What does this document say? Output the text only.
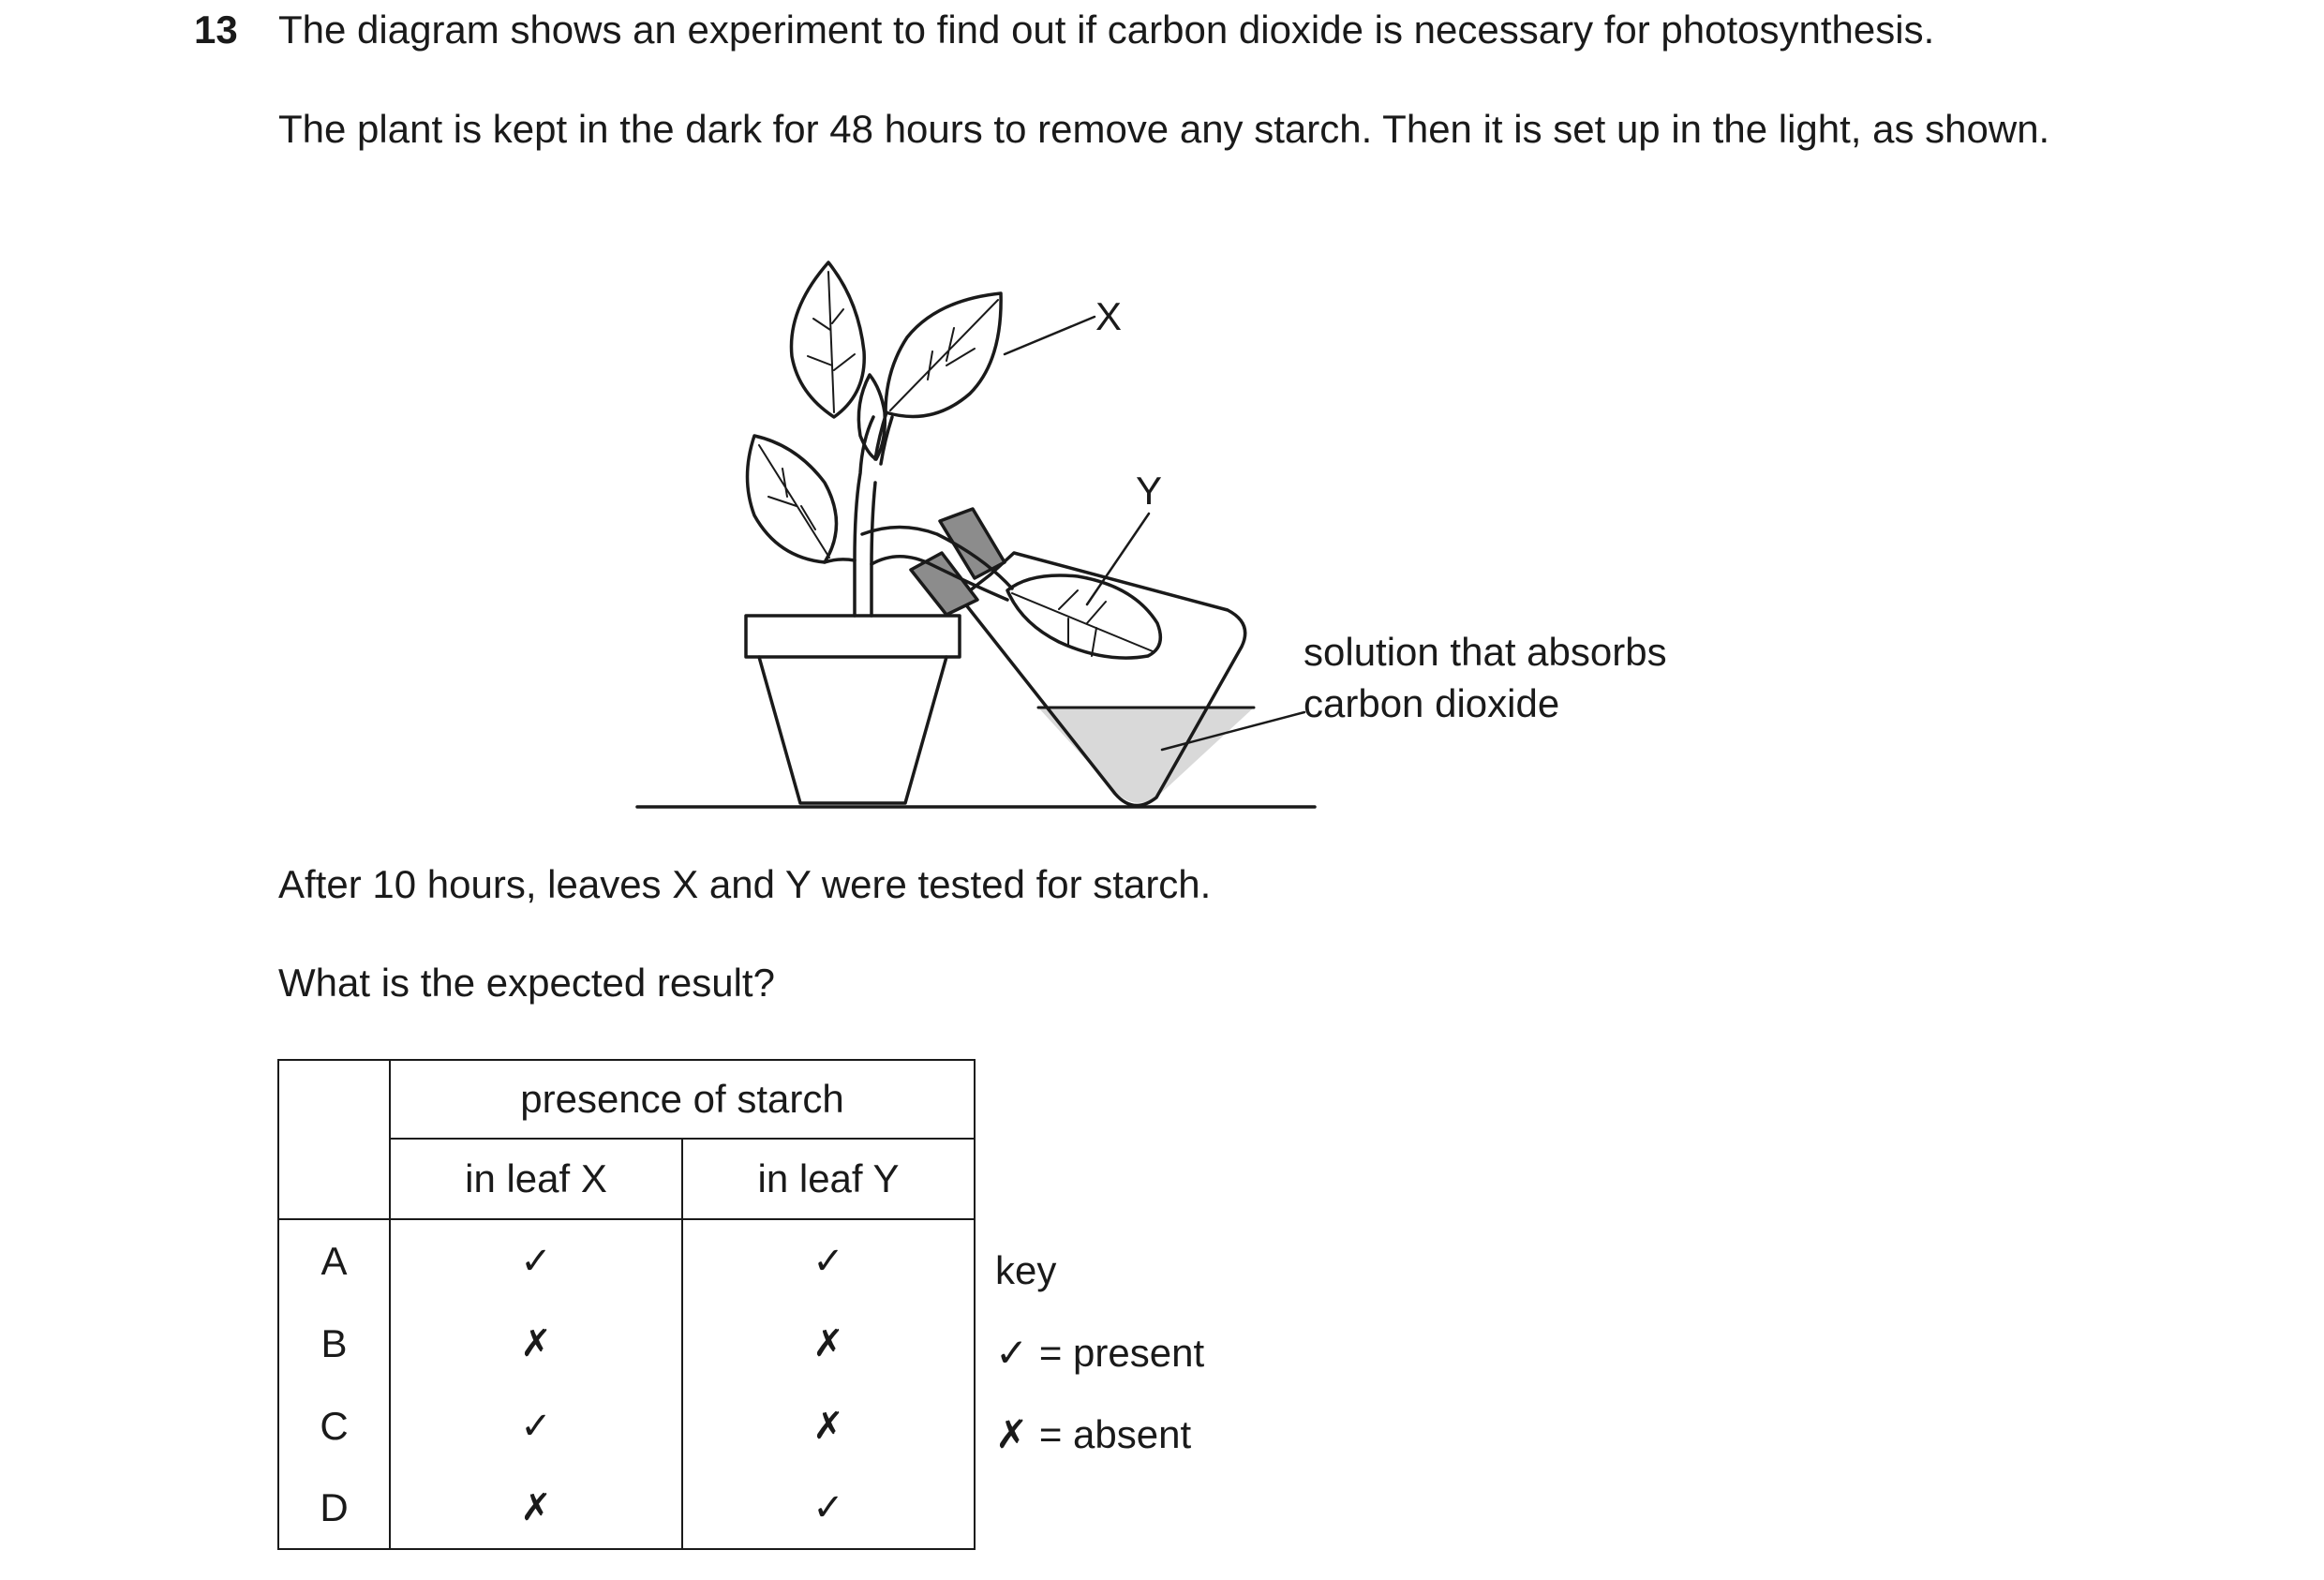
13 The diagram shows an experiment to find out if carbon dioxide is necessary for photosynthesis.
The plant is kept in the dark for 48 hours to remove any starch. Then it is set up in the light, as shown.
X
Y
solution that absorbs
carbon dioxide
After 10 hours, leaves X and Y were tested for starch.
What is the expected result?
	presence of starch	
	in leaf X	in leaf Y
A	✓	✓
B	✗	✗
C	✓	✗
D	✗	✓
key
✓ = present
✗ = absent
